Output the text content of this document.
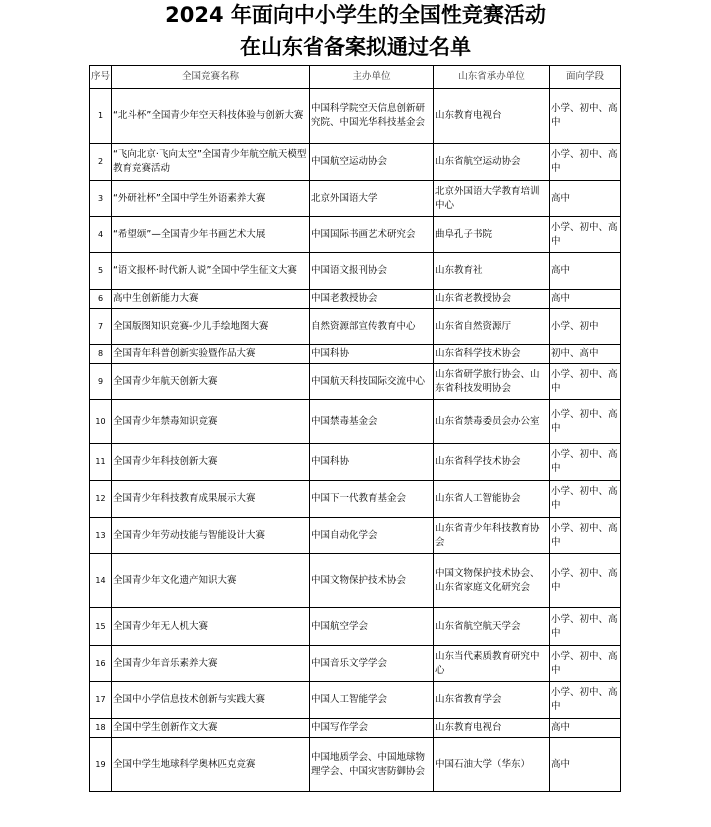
2024 年面向中小学生的全国性竞赛活动
在山东省备案拟通过名单
序号	全国竞赛名称	主办单位	山东省承办单位	面向学段
1	“北斗杯”全国青少年空天科技体验与创新大赛	中国科学院空天信息创新研究院、中国光华科技基金会	山东教育电视台	小学、初中、高中
2	“飞向北京·飞向太空”全国青少年航空航天模型教育竞赛活动	中国航空运动协会	山东省航空运动协会	小学、初中、高中
3	“外研社杯”全国中学生外语素养大赛	北京外国语大学	北京外国语大学教育培训中心	高中
4	“希望颂”—全国青少年书画艺术大展	中国国际书画艺术研究会	曲阜孔子书院	小学、初中、高中
5	“语文报杯·时代新人说”全国中学生征文大赛	中国语文报刊协会	山东教育社	高中
6	高中生创新能力大赛	中国老教授协会	山东省老教授协会	高中
7	全国版图知识竞赛-少儿手绘地图大赛	自然资源部宣传教育中心	山东省自然资源厅	小学、初中
8	全国青年科普创新实验暨作品大赛	中国科协	山东省科学技术协会	初中、高中
9	全国青少年航天创新大赛	中国航天科技国际交流中心	山东省研学旅行协会、山东省科技发明协会	小学、初中、高中
10	全国青少年禁毒知识竞赛	中国禁毒基金会	山东省禁毒委员会办公室	小学、初中、高中
11	全国青少年科技创新大赛	中国科协	山东省科学技术协会	小学、初中、高中
12	全国青少年科技教育成果展示大赛	中国下一代教育基金会	山东省人工智能协会	小学、初中、高中
13	全国青少年劳动技能与智能设计大赛	中国自动化学会	山东省青少年科技教育协会	小学、初中、高中
14	全国青少年文化遗产知识大赛	中国文物保护技术协会	中国文物保护技术协会、山东省家庭文化研究会	小学、初中、高中
15	全国青少年无人机大赛	中国航空学会	山东省航空航天学会	小学、初中、高中
16	全国青少年音乐素养大赛	中国音乐文学学会	山东当代素质教育研究中心	小学、初中、高中
17	全国中小学信息技术创新与实践大赛	中国人工智能学会	山东省教育学会	小学、初中、高中
18	全国中学生创新作文大赛	中国写作学会	山东教育电视台	高中
19	全国中学生地球科学奥林匹克竞赛	中国地质学会、中国地球物理学会、中国灾害防御协会	中国石油大学（华东）	高中
